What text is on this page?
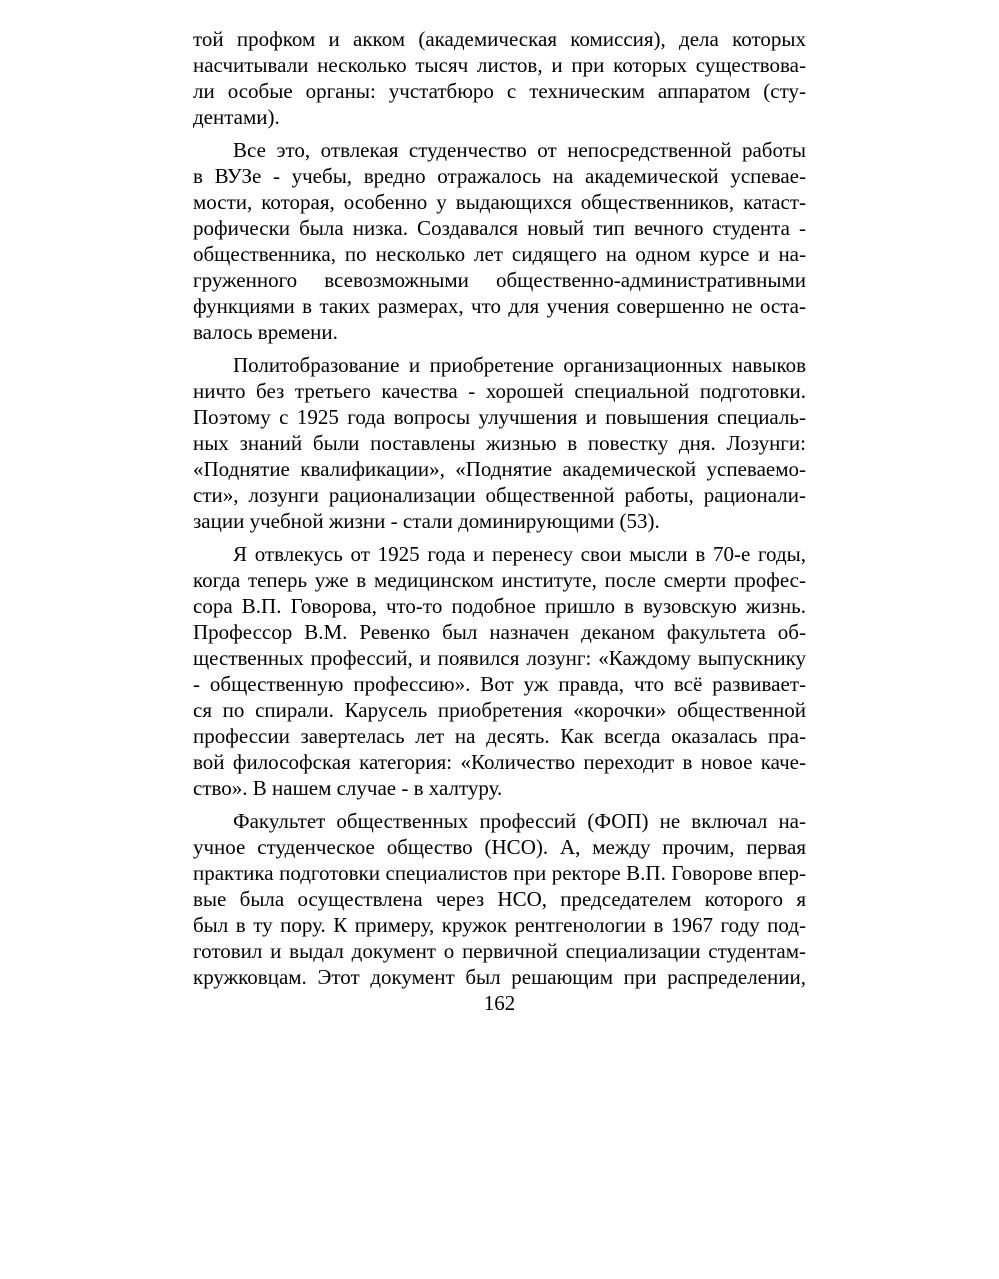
той профком и акком (академическая комиссия), дела которых
насчитывали несколько тысяч листов, и при которых существова-
ли особые органы: учстатбюро с техническим аппаратом (сту-
дентами).
Все это, отвлекая студенчество от непосредственной работы
в ВУЗе - учебы, вредно отражалось на академической успевае-
мости, которая, особенно у выдающихся общественников, катаст-
рофически была низка. Создавался новый тип вечного студента -
общественника, по несколько лет сидящего на одном курсе и на-
груженного всевозможными общественно-административными
функциями в таких размерах, что для учения совершенно не оста-
валось времени.
Политобразование и приобретение организационных навыков
ничто без третьего качества - хорошей специальной подготовки.
Поэтому с 1925 года вопросы улучшения и повышения специаль-
ных знаний были поставлены жизнью в повестку дня. Лозунги:
«Поднятие квалификации», «Поднятие академической успеваемо-
сти», лозунги рационализации общественной работы, рационали-
зации учебной жизни - стали доминирующими (53).
Я отвлекусь от 1925 года и перенесу свои мысли в 70-е годы,
когда теперь уже в медицинском институте, после смерти профес-
сора В.П. Говорова, что-то подобное пришло в вузовскую жизнь.
Профессор В.М. Ревенко был назначен деканом факультета об-
щественных профессий, и появился лозунг: «Каждому выпускнику
- общественную профессию». Вот уж правда, что всё развивает-
ся по спирали. Карусель приобретения «корочки» общественной
профессии завертелась лет на десять. Как всегда оказалась пра-
вой философская категория: «Количество переходит в новое каче-
ство». В нашем случае - в халтуру.
Факультет общественных профессий (ФОП) не включал на-
учное студенческое общество (НСО). А, между прочим, первая
практика подготовки специалистов при ректоре В.П. Говорове впер-
вые была осуществлена через НСО, председателем которого я
был в ту пору. К примеру, кружок рентгенологии в 1967 году под-
готовил и выдал документ о первичной специализации студентам-
кружковцам. Этот документ был решающим при распределении,
162
